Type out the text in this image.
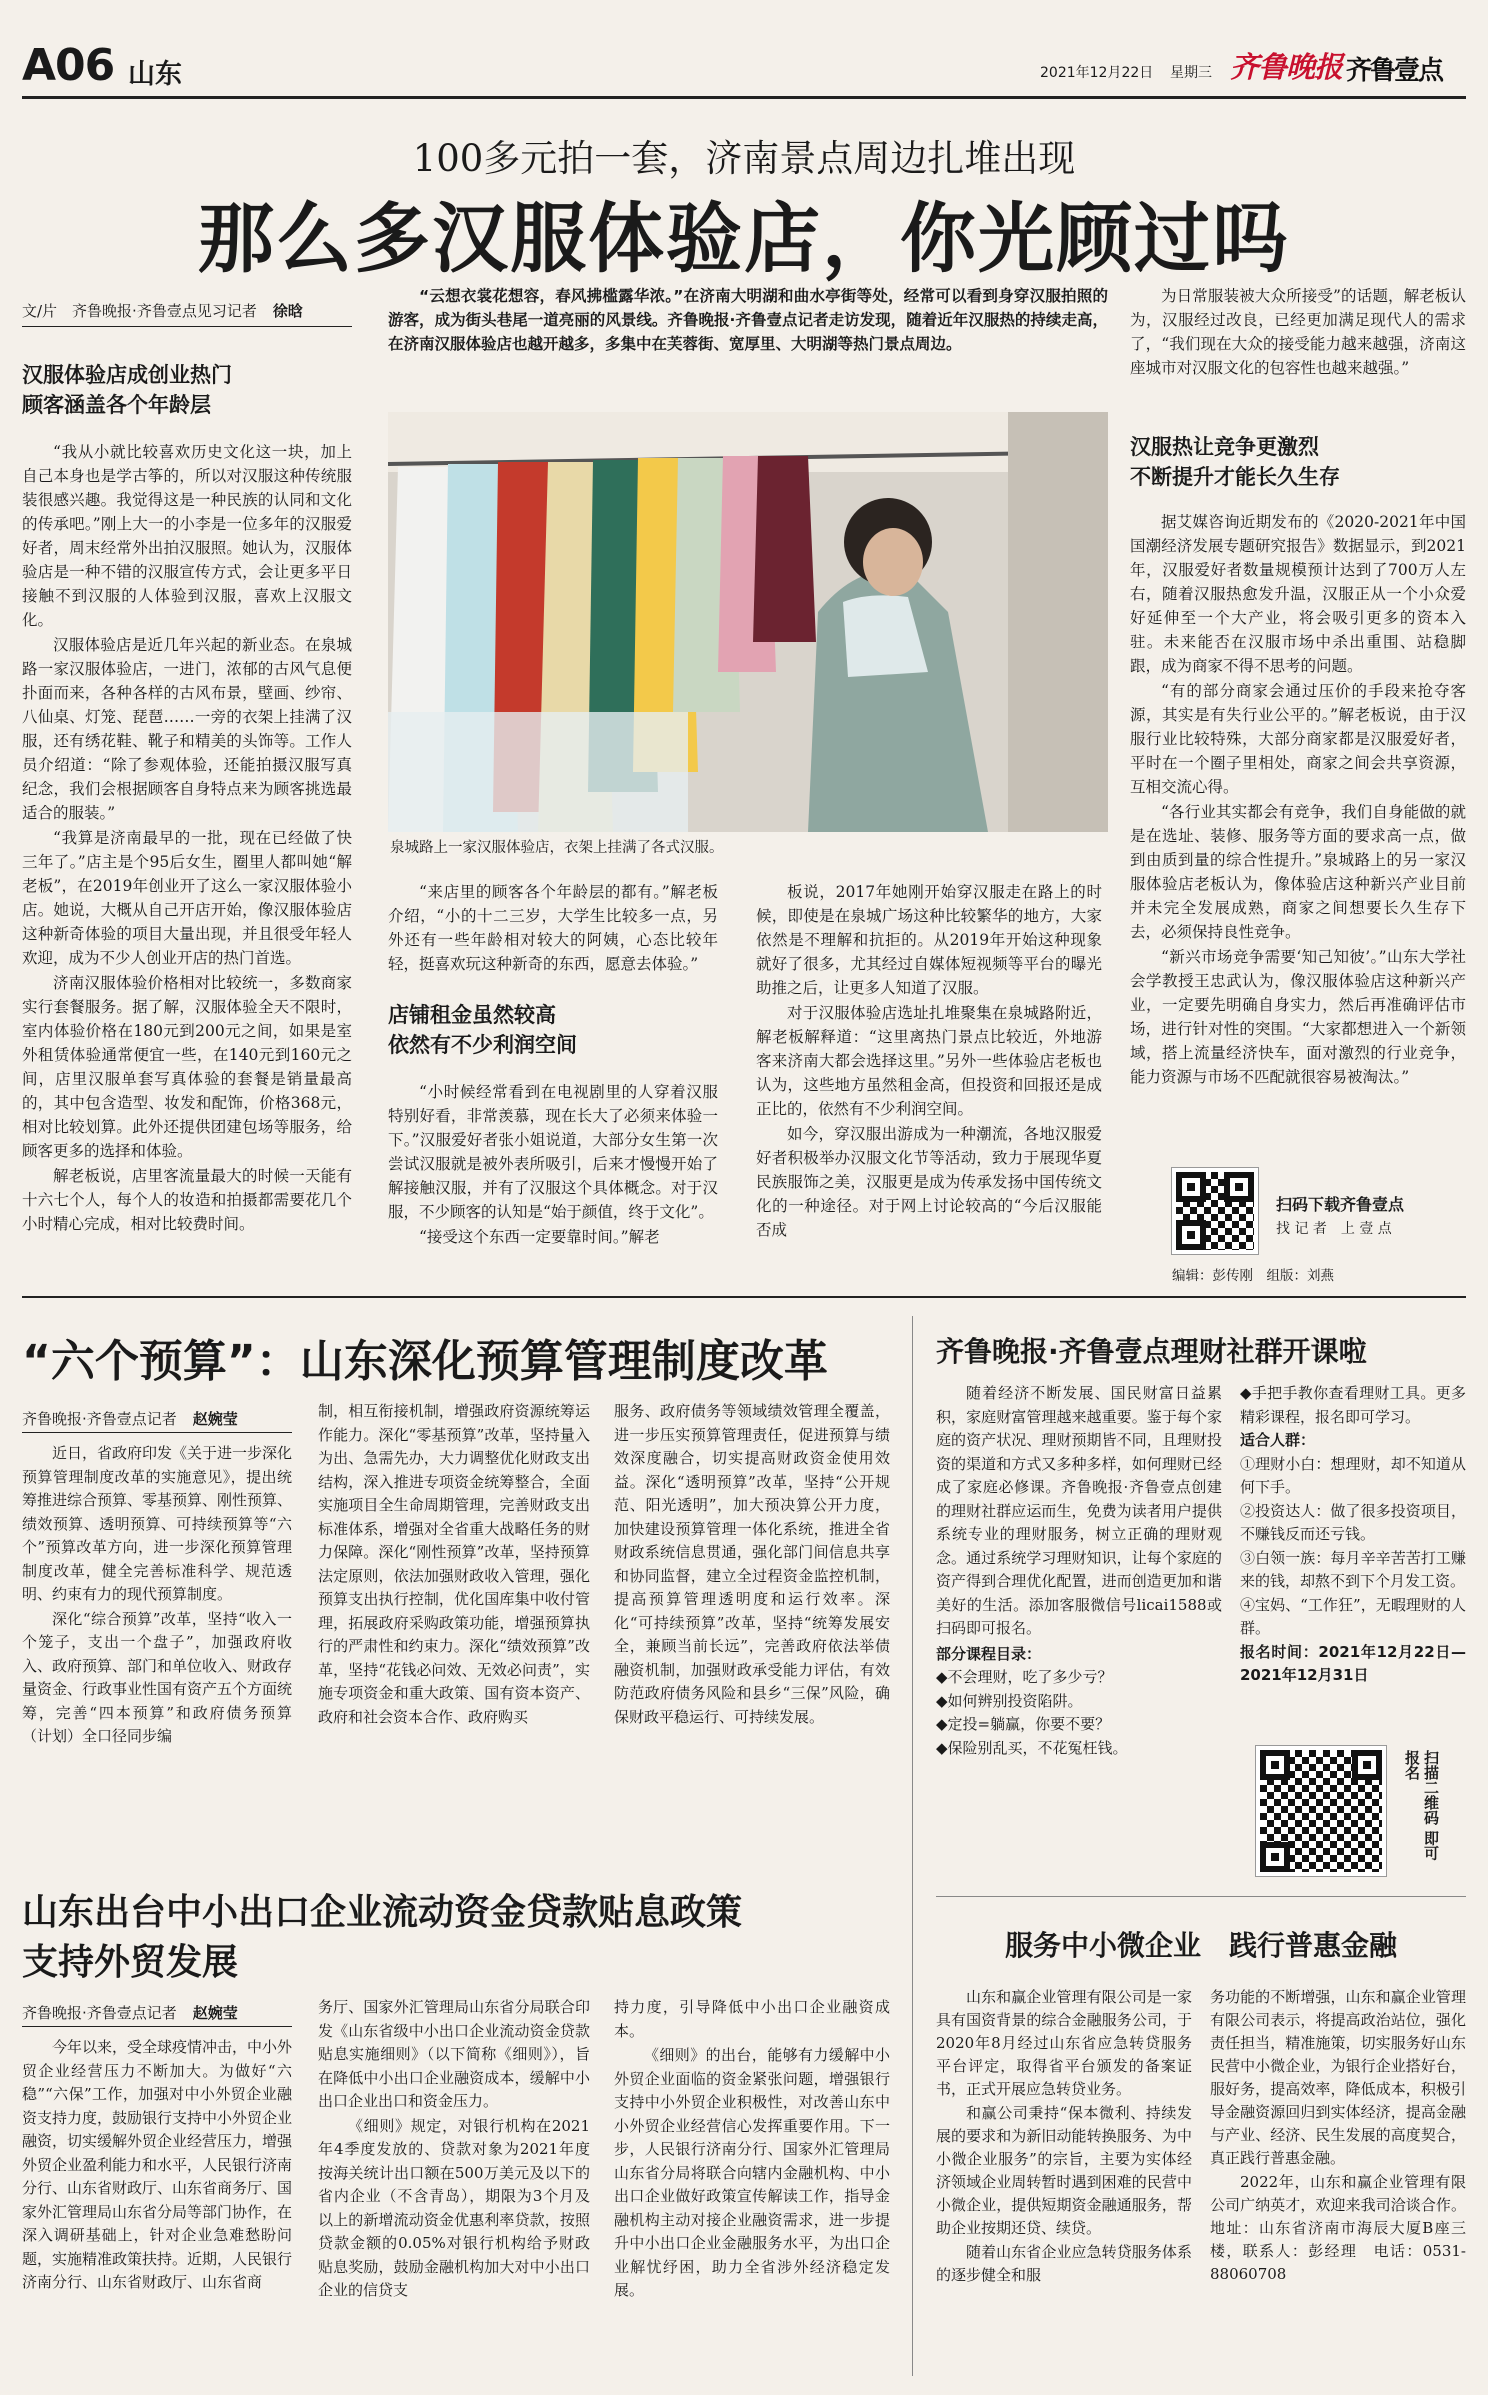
A06 山东	2021年12月22日 星期三 齐鲁晚报 齐鲁壹点
100多元拍一套，济南景点周边扎堆出现
那么多汉服体验店，你光顾过吗
文/片　齐鲁晚报·齐鲁壹点见习记者 徐晗
汉服体验店成创业热门
顾客涵盖各个年龄层

“我从小就比较喜欢历史文化这一块，加上自己本身也是学古筝的，所以对汉服这种传统服装很感兴趣。我觉得这是一种民族的认同和文化的传承吧。”刚上大一的小李是一位多年的汉服爱好者，周末经常外出拍汉服照。她认为，汉服体验店是一种不错的汉服宣传方式，会让更多平日接触不到汉服的人体验到汉服，喜欢上汉服文化。

汉服体验店是近几年兴起的新业态。在泉城路一家汉服体验店，一进门，浓郁的古风气息便扑面而来，各种各样的古风布景，壁画、纱帘、八仙桌、灯笼、琵琶……一旁的衣架上挂满了汉服，还有绣花鞋、靴子和精美的头饰等。工作人员介绍道：“除了参观体验，还能拍摄汉服写真纪念，我们会根据顾客自身特点来为顾客挑选最适合的服装。”

“我算是济南最早的一批，现在已经做了快三年了。”店主是个95后女生，圈里人都叫她“解老板”，在2019年创业开了这么一家汉服体验小店。她说，大概从自己开店开始，像汉服体验店这种新奇体验的项目大量出现，并且很受年轻人欢迎，成为不少人创业开店的热门首选。

济南汉服体验价格相对比较统一，多数商家实行套餐服务。据了解，汉服体验全天不限时，室内体验价格在180元到200元之间，如果是室外租赁体验通常便宜一些，在140元到160元之间，店里汉服单套写真体验的套餐是销量最高的，其中包含造型、妆发和配饰，价格368元，相对比较划算。此外还提供团建包场等服务，给顾客更多的选择和体验。

解老板说，店里客流量最大的时候一天能有十六七个人，每个人的妆造和拍摄都需要花几个小时精心完成，相对比较费时间。

“云想衣裳花想容，春风拂槛露华浓。”在济南大明湖和曲水亭街等处，经常可以看到身穿汉服拍照的游客，成为街头巷尾一道亮丽的风景线。齐鲁晚报·齐鲁壹点记者走访发现，随着近年汉服热的持续走高，在济南汉服体验店也越开越多，多集中在芙蓉街、宽厚里、大明湖等热门景点周边。

泉城路上一家汉服体验店，衣架上挂满了各式汉服。

“来店里的顾客各个年龄层的都有。”解老板介绍，“小的十二三岁，大学生比较多一点，另外还有一些年龄相对较大的阿姨，心态比较年轻，挺喜欢玩这种新奇的东西，愿意去体验。”

店铺租金虽然较高
依然有不少利润空间

“小时候经常看到在电视剧里的人穿着汉服特别好看，非常羡慕，现在长大了必须来体验一下。”汉服爱好者张小姐说道，大部分女生第一次尝试汉服就是被外表所吸引，后来才慢慢开始了解接触汉服，并有了汉服这个具体概念。对于汉服，不少顾客的认知是“始于颜值，终于文化”。

“接受这个东西一定要靠时间。”解老

板说，2017年她刚开始穿汉服走在路上的时候，即使是在泉城广场这种比较繁华的地方，大家依然是不理解和抗拒的。从2019年开始这种现象就好了很多，尤其经过自媒体短视频等平台的曝光助推之后，让更多人知道了汉服。

对于汉服体验店选址扎堆聚集在泉城路附近，解老板解释道：“这里离热门景点比较近，外地游客来济南大都会选择这里。”另外一些体验店老板也认为，这些地方虽然租金高，但投资和回报还是成正比的，依然有不少利润空间。

如今，穿汉服出游成为一种潮流，各地汉服爱好者积极举办汉服文化节等活动，致力于展现华夏民族服饰之美，汉服更是成为传承发扬中国传统文化的一种途径。对于网上讨论较高的“今后汉服能否成

为日常服装被大众所接受”的话题，解老板认为，汉服经过改良，已经更加满足现代人的需求了，“我们现在大众的接受能力越来越强，济南这座城市对汉服文化的包容性也越来越强。”

汉服热让竞争更激烈
不断提升才能长久生存

据艾媒咨询近期发布的《2020-2021年中国国潮经济发展专题研究报告》数据显示，到2021年，汉服爱好者数量规模预计达到了700万人左右，随着汉服热愈发升温，汉服正从一个小众爱好延伸至一个大产业，将会吸引更多的资本入驻。未来能否在汉服市场中杀出重围、站稳脚跟，成为商家不得不思考的问题。

“有的部分商家会通过压价的手段来抢夺客源，其实是有失行业公平的。”解老板说，由于汉服行业比较特殊，大部分商家都是汉服爱好者，平时在一个圈子里相处，商家之间会共享资源，互相交流心得。

“各行业其实都会有竞争，我们自身能做的就是在选址、装修、服务等方面的要求高一点，做到由质到量的综合性提升。”泉城路上的另一家汉服体验店老板认为，像体验店这种新兴产业目前并未完全发展成熟，商家之间想要长久生存下去，必须保持良性竞争。

“新兴市场竞争需要‘知己知彼’。”山东大学社会学教授王忠武认为，像汉服体验店这种新兴产业，一定要先明确自身实力，然后再准确评估市场，进行针对性的突围。“大家都想进入一个新领域，搭上流量经济快车，面对激烈的行业竞争，能力资源与市场不匹配就很容易被淘汰。”

扫码下载齐鲁壹点
找 记 者　上 壹 点
编辑：彭传刚　组版：刘燕
“六个预算”：山东深化预算管理制度改革
齐鲁晚报·齐鲁壹点记者 赵婉莹

近日，省政府印发《关于进一步深化预算管理制度改革的实施意见》，提出统筹推进综合预算、零基预算、刚性预算、绩效预算、透明预算、可持续预算等“六个”预算改革方向，进一步深化预算管理制度改革，健全完善标准科学、规范透明、约束有力的现代预算制度。

深化“综合预算”改革，坚持“收入一个笼子，支出一个盘子”，加强政府收入、政府预算、部门和单位收入、财政存量资金、行政事业性国有资产五个方面统筹，完善“四本预算”和政府债务预算（计划）全口径同步编

制，相互衔接机制，增强政府资源统筹运作能力。深化“零基预算”改革，坚持量入为出、急需先办，大力调整优化财政支出结构，深入推进专项资金统筹整合，全面实施项目全生命周期管理，完善财政支出标准体系，增强对全省重大战略任务的财力保障。深化“刚性预算”改革，坚持预算法定原则，依法加强财政收入管理，强化预算支出执行控制，优化国库集中收付管理，拓展政府采购政策功能，增强预算执行的严肃性和约束力。深化“绩效预算”改革，坚持“花钱必问效、无效必问责”，实施专项资金和重大政策、国有资本资产、政府和社会资本合作、政府购买

服务、政府债务等领域绩效管理全覆盖，进一步压实预算管理责任，促进预算与绩效深度融合，切实提高财政资金使用效益。深化“透明预算”改革，坚持“公开规范、阳光透明”，加大预决算公开力度，加快建设预算管理一体化系统，推进全省财政系统信息贯通，强化部门间信息共享和协同监督，建立全过程资金监控机制，提高预算管理透明度和运行效率。深化“可持续预算”改革，坚持“统筹发展安全，兼顾当前长远”，完善政府依法举债融资机制，加强财政承受能力评估，有效防范政府债务风险和县乡“三保”风险，确保财政平稳运行、可持续发展。

齐鲁晚报·齐鲁壹点理财社群开课啦

随着经济不断发展、国民财富日益累积，家庭财富管理越来越重要。鉴于每个家庭的资产状况、理财预期皆不同，且理财投资的渠道和方式又多种多样，如何理财已经成了家庭必修课。齐鲁晚报·齐鲁壹点创建的理财社群应运而生，免费为读者用户提供系统专业的理财服务，树立正确的理财观念。通过系统学习理财知识，让每个家庭的资产得到合理优化配置，进而创造更加和谐美好的生活。添加客服微信号licai1588或扫码即可报名。

部分课程目录：
◆不会理财，吃了多少亏？
◆如何辨别投资陷阱。
◆定投=躺赢，你要不要？
◆保险别乱买，不花冤枉钱。
◆手把手教你查看理财工具。更多精彩课程，报名即可学习。
适合人群：
①理财小白：想理财，却不知道从何下手。
②投资达人：做了很多投资项目，不赚钱反而还亏钱。
③白领一族：每月辛辛苦苦打工赚来的钱，却熬不到下个月发工资。
④宝妈、“工作狂”，无暇理财的人群。
报名时间：2021年12月22日—2021年12月31日
扫描二维码 即可报名
山东出台中小出口企业流动资金贷款贴息政策
支持外贸发展
齐鲁晚报·齐鲁壹点记者 赵婉莹

今年以来，受全球疫情冲击，中小外贸企业经营压力不断加大。为做好“六稳”“六保”工作，加强对中小外贸企业融资支持力度，鼓励银行支持中小外贸企业融资，切实缓解外贸企业经营压力，增强外贸企业盈利能力和水平，人民银行济南分行、山东省财政厅、山东省商务厅、国家外汇管理局山东省分局等部门协作，在深入调研基础上，针对企业急难愁盼问题，实施精准政策扶持。近期，人民银行济南分行、山东省财政厅、山东省商

务厅、国家外汇管理局山东省分局联合印发《山东省级中小出口企业流动资金贷款贴息实施细则》（以下简称《细则》），旨在降低中小出口企业融资成本，缓解中小出口企业出口和资金压力。

《细则》规定，对银行机构在2021年4季度发放的、贷款对象为2021年度按海关统计出口额在500万美元及以下的省内企业（不含青岛），期限为3个月及以上的新增流动资金优惠利率贷款，按照贷款金额的0.05%对银行机构给予财政贴息奖励，鼓励金融机构加大对中小出口企业的信贷支

持力度，引导降低中小出口企业融资成本。

《细则》的出台，能够有力缓解中小外贸企业面临的资金紧张问题，增强银行支持中小外贸企业积极性，对改善山东中小外贸企业经营信心发挥重要作用。下一步，人民银行济南分行、国家外汇管理局山东省分局将联合向辖内金融机构、中小出口企业做好政策宣传解读工作，指导金融机构主动对接企业融资需求，进一步提升中小出口企业金融服务水平，为出口企业解忧纾困，助力全省涉外经济稳定发展。

服务中小微企业　践行普惠金融

山东和赢企业管理有限公司是一家具有国资背景的综合金融服务公司，于2020年8月经过山东省应急转贷服务平台评定，取得省平台颁发的备案证书，正式开展应急转贷业务。

和赢公司秉持“保本微利、持续发展的要求和为新旧动能转换服务、为中小微企业服务”的宗旨，主要为实体经济领域企业周转暂时遇到困难的民营中小微企业，提供短期资金融通服务，帮助企业按期还贷、续贷。

随着山东省企业应急转贷服务体系的逐步健全和服

务功能的不断增强，山东和赢企业管理有限公司表示，将提高政治站位，强化责任担当，精准施策，切实服务好山东民营中小微企业，为银行企业搭好台，服好务，提高效率，降低成本，积极引导金融资源回归到实体经济，提高金融与产业、经济、民生发展的高度契合，真正践行普惠金融。

2022年，山东和赢企业管理有限公司广纳英才，欢迎来我司洽谈合作。地址：山东省济南市海辰大厦B座三楼，联系人：彭经理　电话：0531-88060708
